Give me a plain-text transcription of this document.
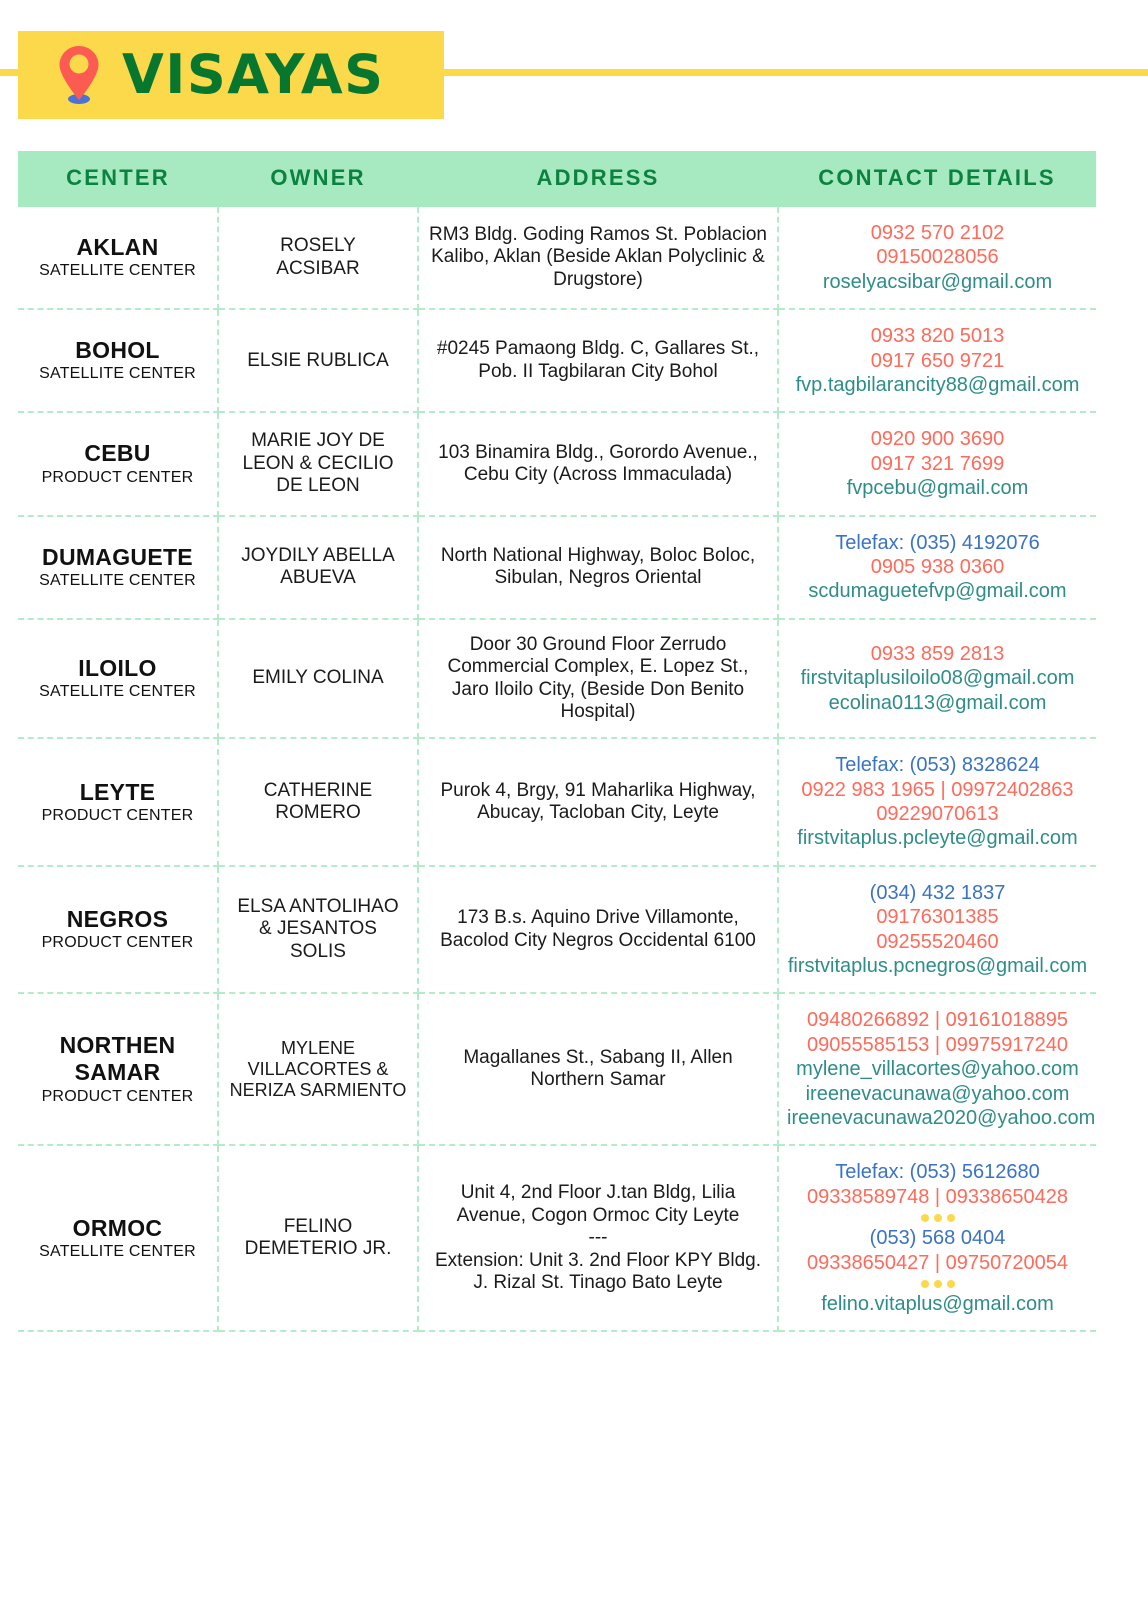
VISAYAS
CENTER	OWNER	ADDRESS	CONTACT DETAILS

AKLAN
SATELLITE CENTER	ROSELY
ACSIBAR	RM3 Bldg. Goding Ramos St. Poblacion Kalibo, Aklan (Beside Aklan Polyclinic & Drugstore)	0932 570 2102
09150028056
roselyacsibar@gmail.com

BOHOL
SATELLITE CENTER	ELSIE RUBLICA	#0245 Pamaong Bldg. C, Gallares St., Pob. II Tagbilaran City Bohol	0933 820 5013
0917 650 9721
fvp.tagbilarancity88@gmail.com

CEBU
PRODUCT CENTER	MARIE JOY DE
LEON & CECILIO
DE LEON	103 Binamira Bldg., Gorordo Avenue., Cebu City (Across Immaculada)	0920 900 3690
0917 321 7699
fvpcebu@gmail.com

DUMAGUETE
SATELLITE CENTER	JOYDILY ABELLA
ABUEVA	North National Highway, Boloc Boloc, Sibulan, Negros Oriental	Telefax: (035) 4192076
0905 938 0360
scdumaguetefvp@gmail.com

ILOILO
SATELLITE CENTER	EMILY COLINA	Door 30 Ground Floor Zerrudo Commercial Complex, E. Lopez St., Jaro Iloilo City, (Beside Don Benito Hospital)	0933 859 2813
firstvitaplusiloilo08@gmail.com
ecolina0113@gmail.com

LEYTE
PRODUCT CENTER	CATHERINE
ROMERO	Purok 4, Brgy, 91 Maharlika Highway, Abucay, Tacloban City, Leyte	Telefax: (053) 8328624
0922 983 1965 | 09972402863
09229070613
firstvitaplus.pcleyte@gmail.com

NEGROS
PRODUCT CENTER	ELSA ANTOLIHAO
& JESANTOS
SOLIS	173 B.s. Aquino Drive Villamonte, Bacolod City Negros Occidental 6100	(034) 432 1837
09176301385
09255520460
firstvitaplus.pcnegros@gmail.com

NORTHEN
SAMAR
PRODUCT CENTER	MYLENE
VILLACORTES &
NERIZA SARMIENTO	Magallanes St., Sabang II, Allen Northern Samar	09480266892 | 09161018895
09055585153 | 09975917240
mylene_villacortes@yahoo.com
ireenevacunawa@yahoo.com
ireenevacunawa2020@yahoo.com

ORMOC
SATELLITE CENTER	FELINO
DEMETERIO JR.	Unit 4, 2nd Floor J.tan Bldg, Lilia Avenue, Cogon Ormoc City Leyte
---
Extension: Unit 3. 2nd Floor KPY Bldg. J. Rizal St. Tinago Bato Leyte	Telefax: (053) 5612680
09338589748 | 09338650428
(053) 568 0404
09338650427 | 09750720054
felino.vitaplus@gmail.com
